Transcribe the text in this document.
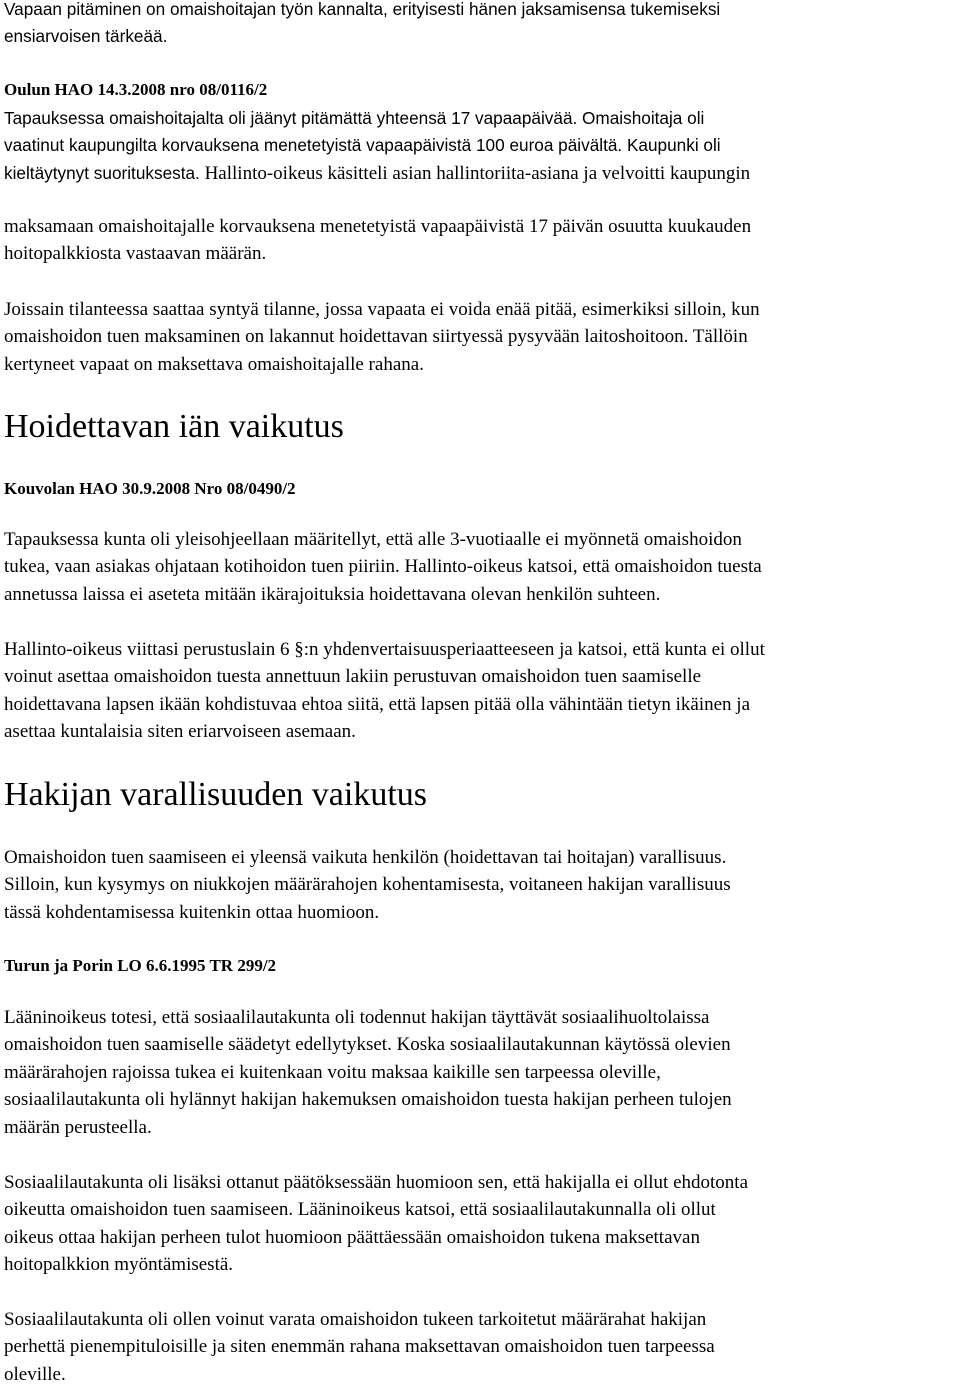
Vapaan pitäminen on omaishoitajan työn kannalta, erityisesti hänen jaksamisensa tukemiseksi
ensiarvoisen tärkeää.
Oulun HAO 14.3.2008 nro 08/0116/2
Tapauksessa omaishoitajalta oli jäänyt pitämättä yhteensä 17 vapaapäivää. Omaishoitaja oli
vaatinut kaupungilta korvauksena menetetyistä vapaapäivistä 100 euroa päivältä. Kaupunki oli
kieltäytynyt suorituksesta. Hallinto-oikeus käsitteli asian hallintoriita-asiana ja velvoitti kaupungin
maksamaan omaishoitajalle korvauksena menetetyistä vapaapäivistä 17 päivän osuutta kuukauden
hoitopalkkiosta vastaavan määrän.
Joissain tilanteessa saattaa syntyä tilanne, jossa vapaata ei voida enää pitää, esimerkiksi silloin, kun
omaishoidon tuen maksaminen on lakannut hoidettavan siirtyessä pysyvään laitoshoitoon. Tällöin
kertyneet vapaat on maksettava omaishoitajalle rahana.
Hoidettavan iän vaikutus
Kouvolan HAO 30.9.2008 Nro 08/0490/2
Tapauksessa kunta oli yleisohjeellaan määritellyt, että alle 3-vuotiaalle ei myönnetä omaishoidon
tukea, vaan asiakas ohjataan kotihoidon tuen piiriin. Hallinto-oikeus katsoi, että omaishoidon tuesta
annetussa laissa ei aseteta mitään ikärajoituksia hoidettavana olevan henkilön suhteen.
Hallinto-oikeus viittasi perustuslain 6 §:n yhdenvertaisuusperiaatteeseen ja katsoi, että kunta ei ollut
voinut asettaa omaishoidon tuesta annettuun lakiin perustuvan omaishoidon tuen saamiselle
hoidettavana lapsen ikään kohdistuvaa ehtoa siitä, että lapsen pitää olla vähintään tietyn ikäinen ja
asettaa kuntalaisia siten eriarvoiseen asemaan.
Hakijan varallisuuden vaikutus
Omaishoidon tuen saamiseen ei yleensä vaikuta henkilön (hoidettavan tai hoitajan) varallisuus.
Silloin, kun kysymys on niukkojen määrärahojen kohentamisesta, voitaneen hakijan varallisuus
tässä kohdentamisessa kuitenkin ottaa huomioon.
Turun ja Porin LO 6.6.1995 TR 299/2
Lääninoikeus totesi, että sosiaalilautakunta oli todennut hakijan täyttävät sosiaalihuoltolaissa
omaishoidon tuen saamiselle säädetyt edellytykset. Koska sosiaalilautakunnan käytössä olevien
määrärahojen rajoissa tukea ei kuitenkaan voitu maksaa kaikille sen tarpeessa oleville,
sosiaalilautakunta oli hylännyt hakijan hakemuksen omaishoidon tuesta hakijan perheen tulojen
määrän perusteella.
Sosiaalilautakunta oli lisäksi ottanut päätöksessään huomioon sen, että hakijalla ei ollut ehdotonta
oikeutta omaishoidon tuen saamiseen. Lääninoikeus katsoi, että sosiaalilautakunnalla oli ollut
oikeus ottaa hakijan perheen tulot huomioon päättäessään omaishoidon tukena maksettavan
hoitopalkkion myöntämisestä.
Sosiaalilautakunta oli ollen voinut varata omaishoidon tukeen tarkoitetut määrärahat hakijan
perhettä pienempituloisille ja siten enemmän rahana maksettavan omaishoidon tuen tarpeessa
oleville.
